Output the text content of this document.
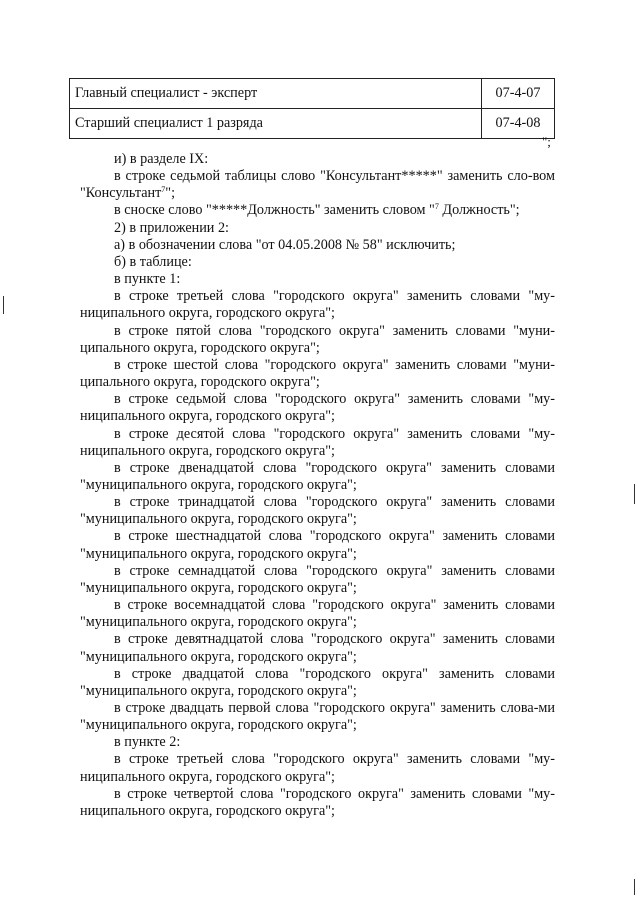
Главный специалист - эксперт	07-4-07
Старший специалист 1 разряда	07-4-08
";

и) в разделе IX:

в строке седьмой таблицы слово "Консультант*****" заменить сло-вом "Консультант$^7$";

в сноске слово "*****Должность" заменить словом "$^7$ Должность";

2) в приложении 2:

а) в обозначении слова "от 04.05.2008 № 58" исключить;

б) в таблице:

в пункте 1:

в строке третьей слова "городского округа" заменить словами "му-ниципального округа, городского округа";

в строке пятой слова "городского округа" заменить словами "муни-ципального округа, городского округа";

в строке шестой слова "городского округа" заменить словами "муни-ципального округа, городского округа";

в строке седьмой слова "городского округа" заменить словами "му-ниципального округа, городского округа";

в строке десятой слова "городского округа" заменить словами "му-ниципального округа, городского округа";

в строке двенадцатой слова "городского округа" заменить словами "муниципального округа, городского округа";

в строке тринадцатой слова "городского округа" заменить словами "муниципального округа, городского округа";

в строке шестнадцатой слова "городского округа" заменить словами "муниципального округа, городского округа";

в строке семнадцатой слова "городского округа" заменить словами "муниципального округа, городского округа";

в строке восемнадцатой слова "городского округа" заменить словами "муниципального округа, городского округа";

в строке девятнадцатой слова "городского округа" заменить словами "муниципального округа, городского округа";

в строке двадцатой слова "городского округа" заменить словами "муниципального округа, городского округа";

в строке двадцать первой слова "городского округа" заменить слова-ми "муниципального округа, городского округа";

в пункте 2:

в строке третьей слова "городского округа" заменить словами "му-ниципального округа, городского округа";

в строке четвертой слова "городского округа" заменить словами "му-ниципального округа, городского округа";
